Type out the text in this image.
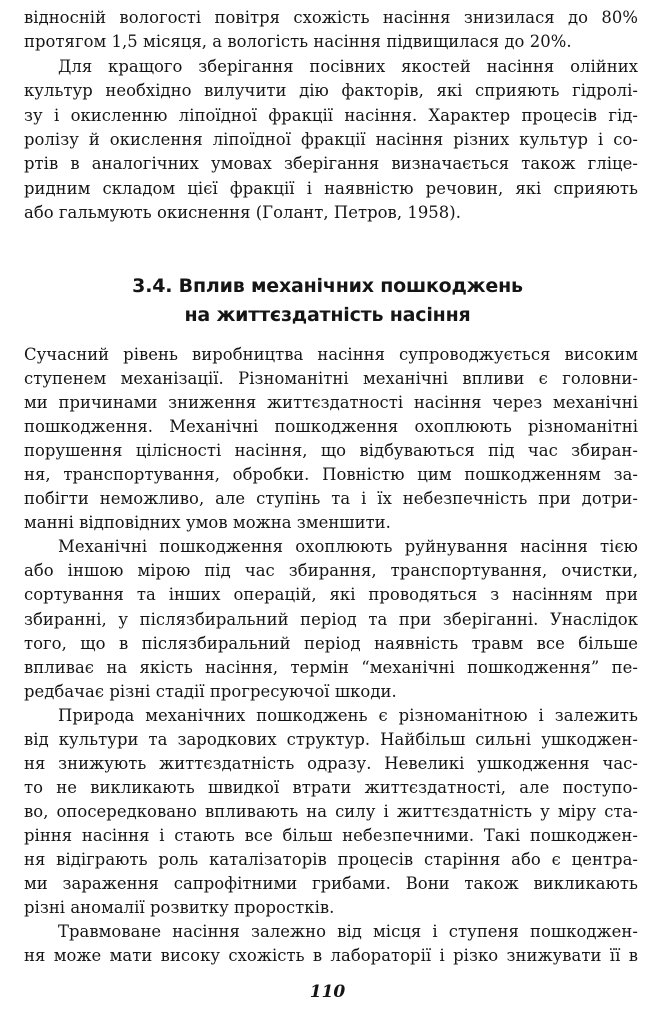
відносній вологості повітря схожість насіння знизилася до 80%
протягом 1,5 місяця, а вологість насіння підвищилася до 20%.
Для кращого зберігання посівних якостей насіння олійних
культур необхідно вилучити дію факторів, які сприяють гідролі-
зу і окисленню ліпоїдної фракції насіння. Характер процесів гід-
ролізу й окислення ліпоїдної фракції насіння різних культур і со-
ртів в аналогічних умовах зберігання визначається також гліце-
ридним складом цієї фракції і наявністю речовин, які сприяють
або гальмують окиснення (Голант, Петров, 1958).
3.4. Вплив механічних пошкоджень
на життєздатність насіння
Сучасний рівень виробництва насіння супроводжується високим
ступенем механізації. Різноманітні механічні впливи є головни-
ми причинами зниження життєздатності насіння через механічні
пошкодження. Механічні пошкодження охоплюють різноманітні
порушення цілісності насіння, що відбуваються під час збиран-
ня, транспортування, обробки. Повністю цим пошкодженням за-
побігти неможливо, але ступінь та і їх небезпечність при дотри-
манні відповідних умов можна зменшити.
Механічні пошкодження охоплюють руйнування насіння тією
або іншою мірою під час збирання, транспортування, очистки,
сортування та інших операцій, які проводяться з насінням при
збиранні, у післязбиральний період та при зберіганні. Унаслідок
того, що в післязбиральний період наявність травм все більше
впливає на якість насіння, термін “механічні пошкодження” пе-
редбачає різні стадії прогресуючої шкоди.
Природа механічних пошкоджень є різноманітною і залежить
від культури та зародкових структур. Найбільш сильні ушкоджен-
ня знижують життєздатність одразу. Невеликі ушкодження час-
то не викликають швидкої втрати життєздатності, але поступо-
во, опосередковано впливають на силу і життєздатність у міру ста-
ріння насіння і стають все більш небезпечними. Такі пошкоджен-
ня відіграють роль каталізаторів процесів старіння або є центра-
ми зараження сапрофітними грибами. Вони також викликають
різні аномалії розвитку проростків.
Травмоване насіння залежно від місця і ступеня пошкоджен-
ня може мати високу схожість в лабораторії і різко знижувати її в
110
